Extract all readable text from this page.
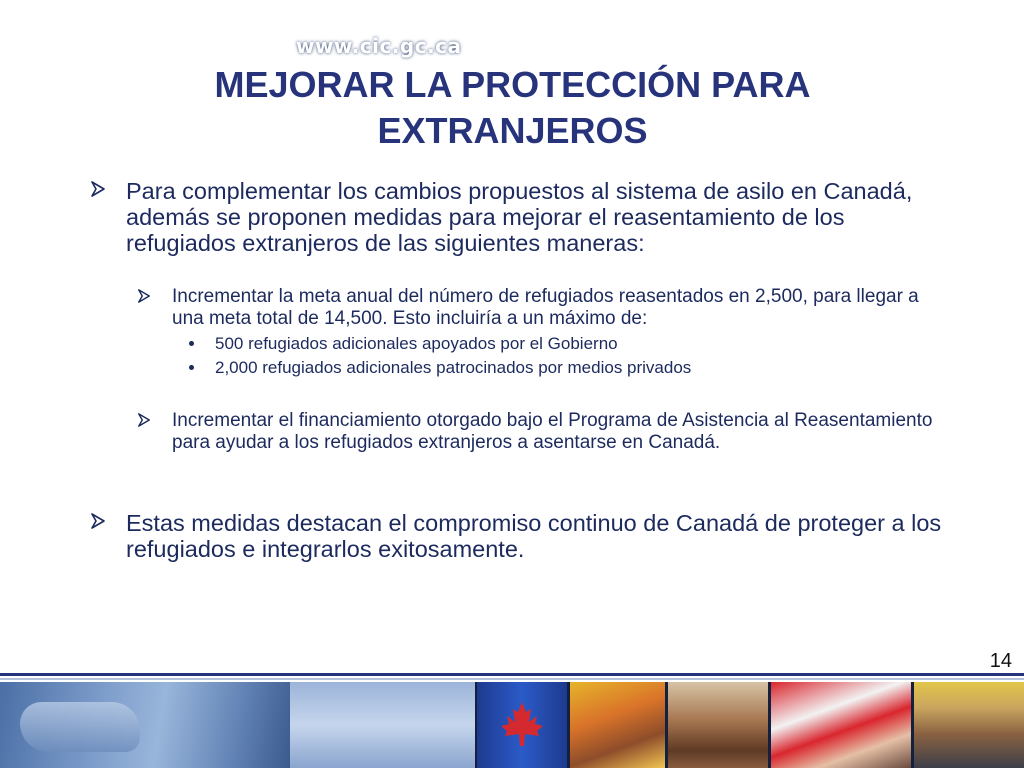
MEJORAR LA PROTECCIÓN PARA
EXTRANJEROS

Para complementar los cambios propuestos al sistema de asilo en Canadá, además se proponen medidas para mejorar el reasentamiento de los refugiados extranjeros de las siguientes maneras:

Incrementar la meta anual del número de refugiados reasentados en 2,500, para llegar a una meta total de 14,500. Esto incluiría a un máximo de:

500 refugiados adicionales apoyados por el Gobierno

2,000 refugiados adicionales patrocinados por medios privados

Incrementar el financiamiento otorgado bajo el Programa de Asistencia al Reasentamiento para ayudar a los refugiados extranjeros a asentarse en Canadá.

Estas medidas destacan el compromiso continuo de Canadá de proteger a los refugiados e integrarlos exitosamente.

14
www.cic.gc.ca
